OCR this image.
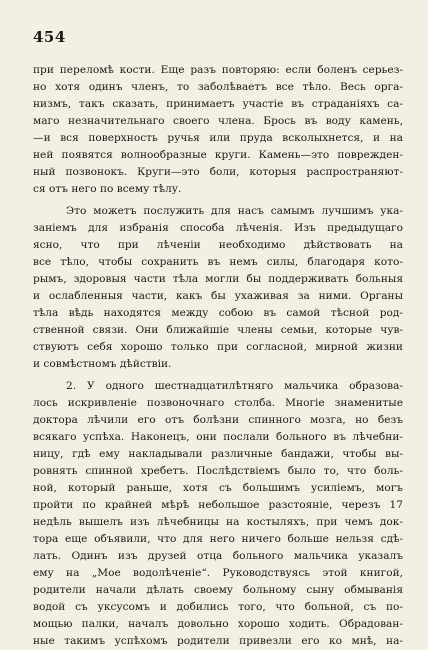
454
при переломѣ кости. Еще разъ повторяю: если боленъ серьез-
но хотя одинъ членъ, то заболѣваетъ все тѣло. Весь орга-
низмъ, такъ сказать, принимаетъ участіе въ страданіяхъ са-
маго незначительнаго своего члена. Брось въ воду камень,
—и вся поверхность ручья или пруда всколыхнется, и на
ней появятся волнообразные круги. Камень—это поврежден-
ный позвонокъ. Круги—это боли, которыя распространяют-
ся отъ него по всему тѣлу.
Это можетъ послужить для насъ самымъ лучшимъ ука-
заніемъ для избранія способа лѣченія. Изъ предыдущаго
ясно, что при лѣченіи необходимо дѣйствовать на
все тѣло, чтобы сохранить въ немъ силы, благодаря кото-
рымъ, здоровыя части тѣла могли бы поддерживать больныя
и ослабленныя части, какъ бы ухаживая за ними. Органы
тѣла вѣдь находятся между собою въ самой тѣсной род-
ственной связи. Они ближайшіе члены семьи, которые чув-
ствуютъ себя хорошо только при согласной, мирной жизни
и совмѣстномъ дѣйствіи.
2. У одного шестнадцатилѣтняго мальчика образова-
лось искривленіе позвоночнаго столба. Многіе знаменитые
доктора лѣчили его отъ болѣзни спинного мозга, но безъ
всякаго успѣха. Наконецъ, они послали больного въ лѣчебни-
ницу, гдѣ ему накладывали различные бандажи, чтобы вы-
ровнять спинной хребетъ. Послѣдствіемъ было то, что боль-
ной, который раньше, хотя съ большимъ усиліемъ, могъ
пройти по крайней мѣрѣ небольшое разстояніе, черезъ 17
недѣль вышелъ изъ лѣчебницы на костыляхъ, при чемъ док-
тора еще объявили, что для него ничего больше нельзя сдѣ-
лать. Одинъ изъ друзей отца больного мальчика указалъ
ему на „Мое водолѣченіе“. Руководствуясь этой книгой,
родители начали дѣлать своему больному сыну обмыванія
водой съ уксусомъ и добились того, что больной, съ по-
мощью палки, началъ довольно хорошо ходить. Обрадован-
ные такимъ успѣхомъ родители привезли его ко мнѣ, на-
